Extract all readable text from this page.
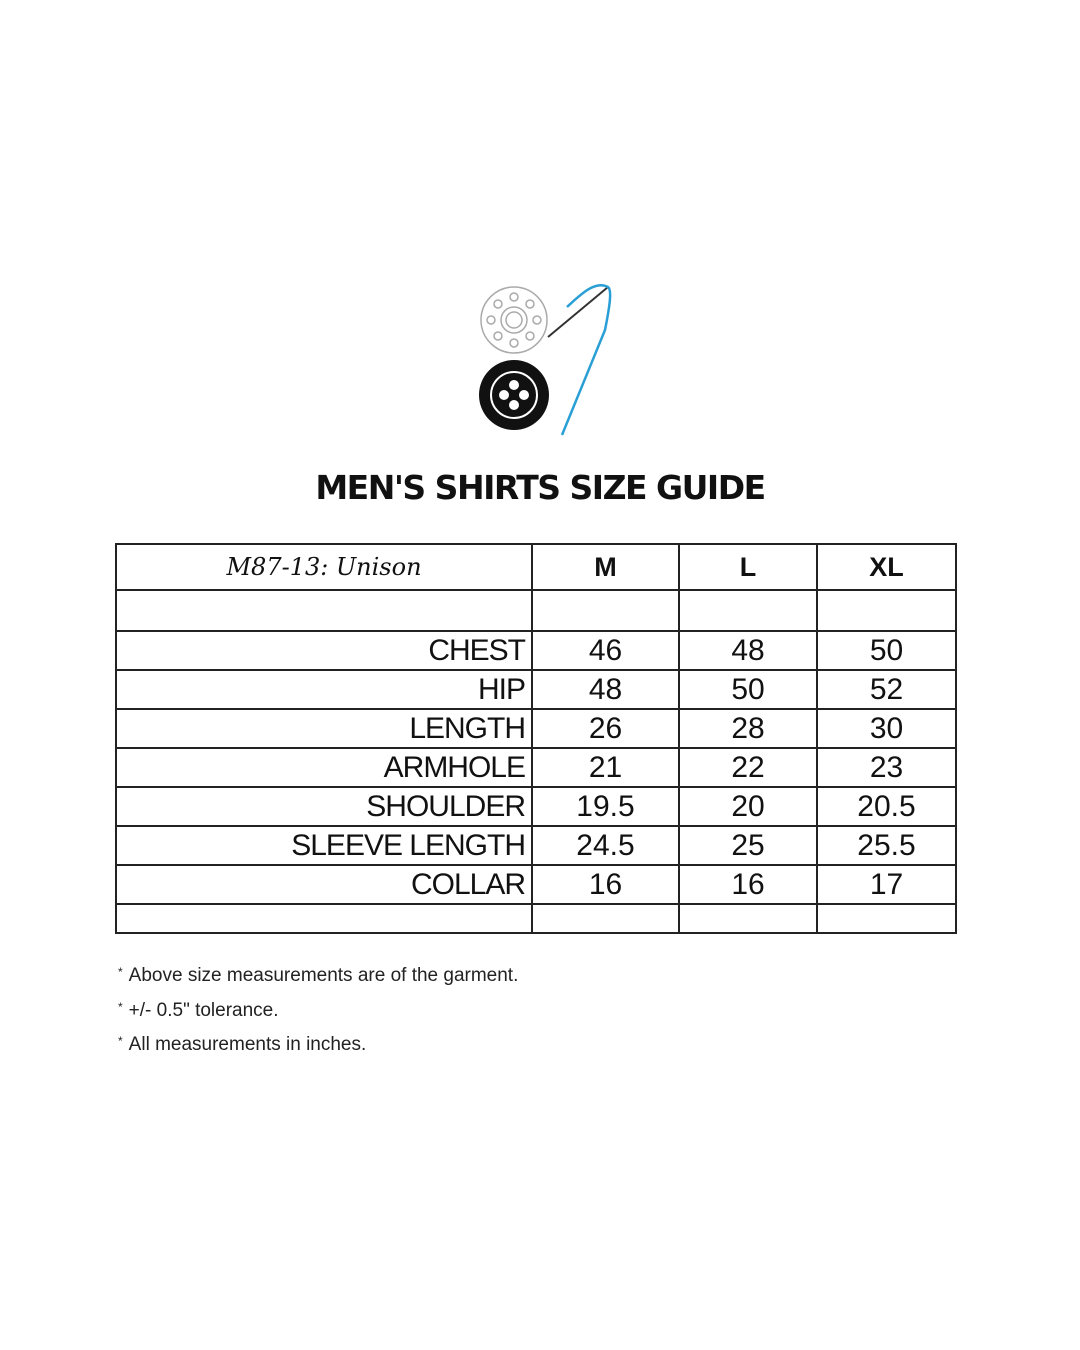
MEN'S SHIRTS SIZE GUIDE
M87-13: Unison	M	L	XL

CHEST	46	48	50
HIP	48	50	52
LENGTH	26	28	30
ARMHOLE	21	22	23
SHOULDER	19.5	20	20.5
SLEEVE LENGTH	24.5	25	25.5
COLLAR	16	16	17

* Above size measurements are of the garment.
* +/- 0.5" tolerance.
* All measurements in inches.
